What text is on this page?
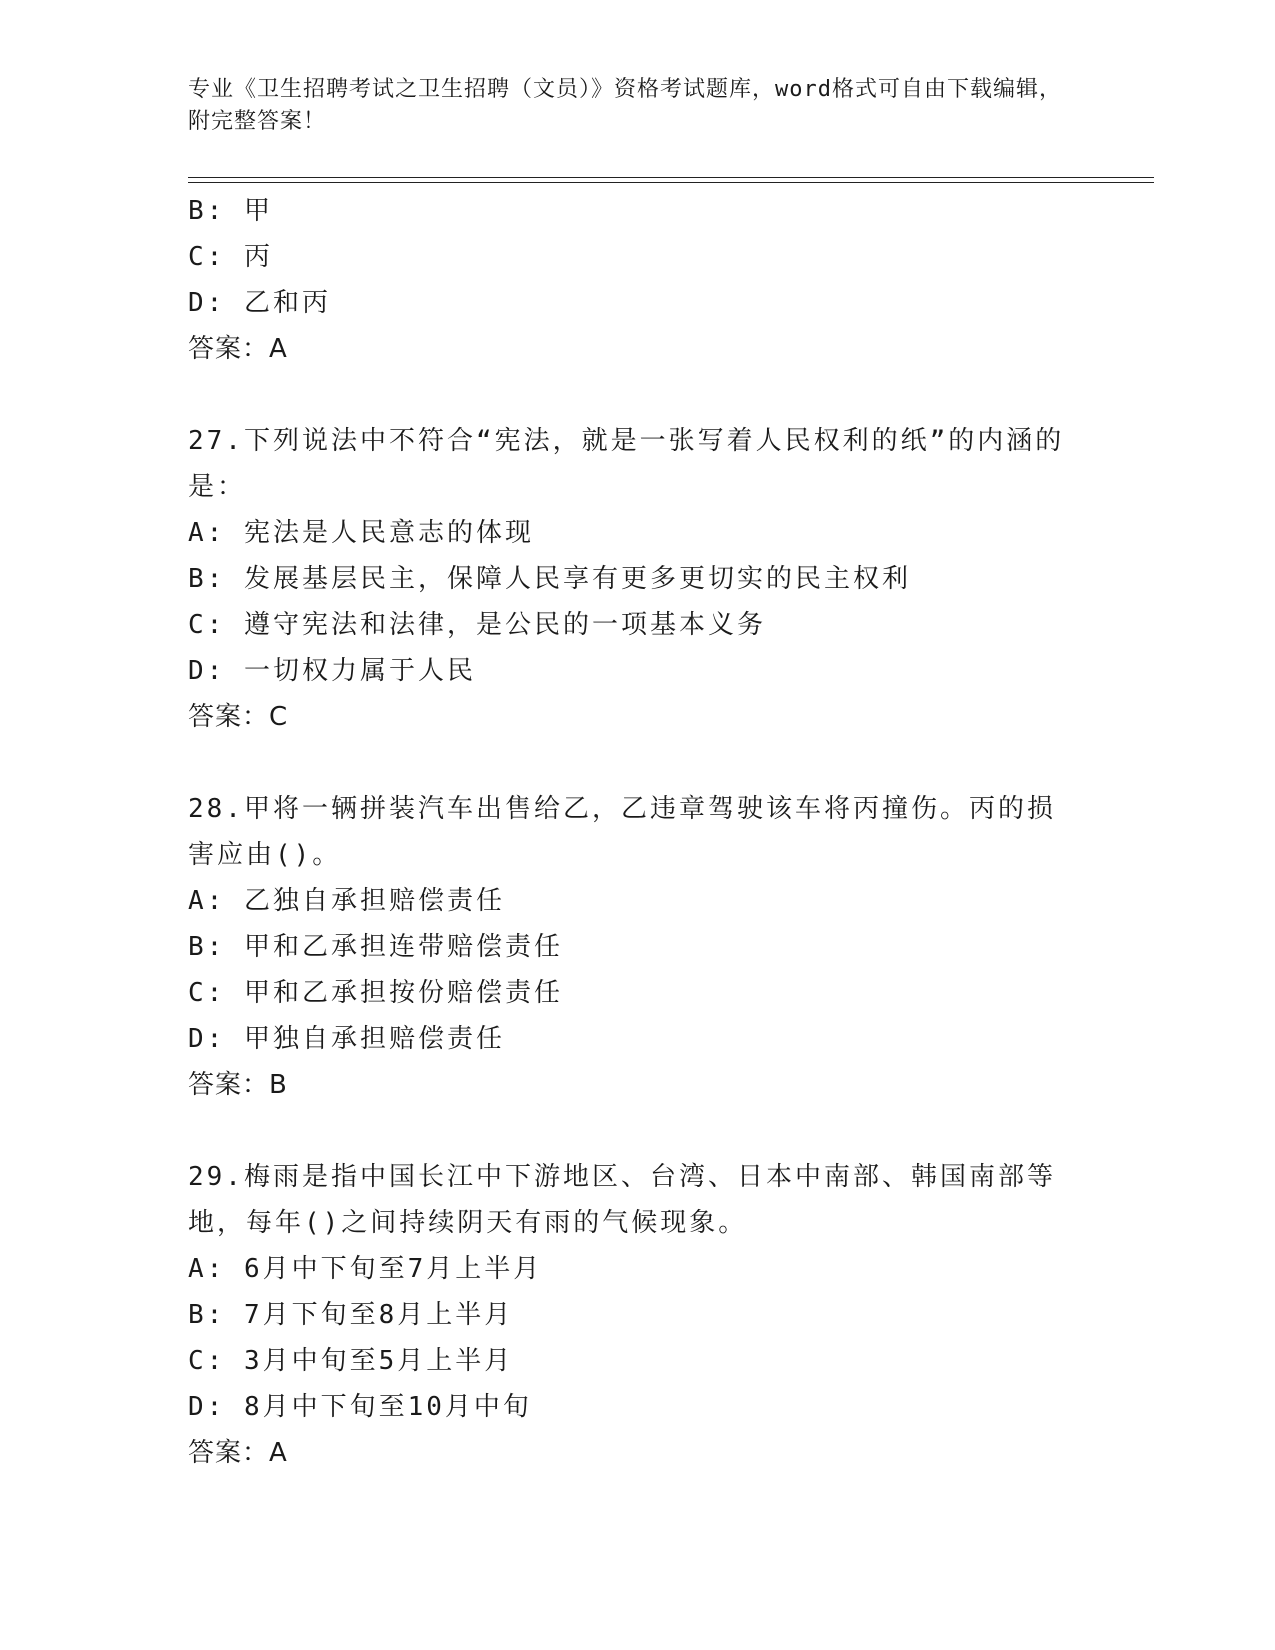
专业《卫生招聘考试之卫生招聘（文员）》资格考试题库，word格式可自由下载编辑，附完整答案！
B: 甲
C: 丙
D: 乙和丙
答案：A
27.下列说法中不符合“宪法，就是一张写着人民权利的纸”的内涵的是：
A: 宪法是人民意志的体现
B: 发展基层民主，保障人民享有更多更切实的民主权利
C: 遵守宪法和法律，是公民的一项基本义务
D: 一切权力属于人民
答案：C
28.甲将一辆拼装汽车出售给乙，乙违章驾驶该车将丙撞伤。丙的损害应由()。
A: 乙独自承担赔偿责任
B: 甲和乙承担连带赔偿责任
C: 甲和乙承担按份赔偿责任
D: 甲独自承担赔偿责任
答案：B
29.梅雨是指中国长江中下游地区、台湾、日本中南部、韩国南部等地，每年()之间持续阴天有雨的气候现象。
A: 6月中下旬至7月上半月
B: 7月下旬至8月上半月
C: 3月中旬至5月上半月
D: 8月中下旬至10月中旬
答案：A
